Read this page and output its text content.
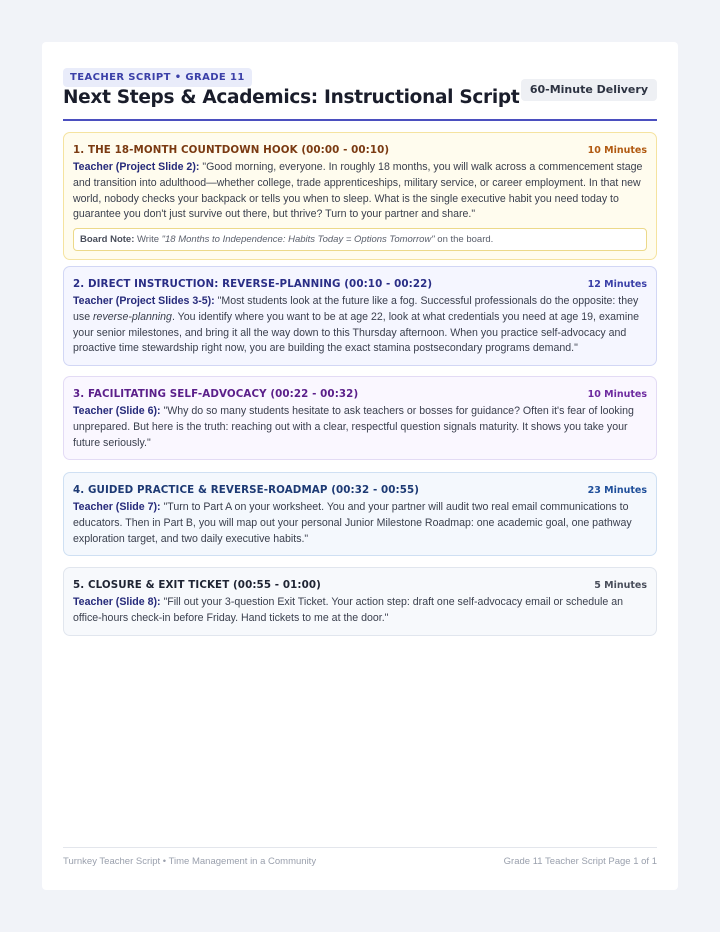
TEACHER SCRIPT • GRADE 11
Next Steps & Academics: Instructional Script 60-Minute Delivery
1. THE 18-MONTH COUNTDOWN HOOK (00:00 - 00:10)	10 Minutes

Teacher (Project Slide 2): "Good morning, everyone. In roughly 18 months, you will walk across a commencement stage and transition into adulthood—whether college, trade apprenticeships, military service, or career employment. In that new world, nobody checks your backpack or tells you when to sleep. What is the single executive habit you need today to guarantee you don't just survive out there, but thrive? Turn to your partner and share."

Board Note: Write "18 Months to Independence: Habits Today = Options Tomorrow" on the board.
2. DIRECT INSTRUCTION: REVERSE-PLANNING (00:10 - 00:22)	12 Minutes

Teacher (Project Slides 3-5): "Most students look at the future like a fog. Successful professionals do the opposite: they use reverse-planning. You identify where you want to be at age 22, look at what credentials you need at age 19, examine your senior milestones, and bring it all the way down to this Thursday afternoon. When you practice self-advocacy and proactive time stewardship right now, you are building the exact stamina postsecondary programs demand."

3. FACILITATING SELF-ADVOCACY (00:22 - 00:32)	10 Minutes

Teacher (Slide 6): "Why do so many students hesitate to ask teachers or bosses for guidance? Often it's fear of looking unprepared. But here is the truth: reaching out with a clear, respectful question signals maturity. It shows you take your future seriously."

4. GUIDED PRACTICE & REVERSE-ROADMAP (00:32 - 00:55)	23 Minutes

Teacher (Slide 7): "Turn to Part A on your worksheet. You and your partner will audit two real email communications to educators. Then in Part B, you will map out your personal Junior Milestone Roadmap: one academic goal, one pathway exploration target, and two daily executive habits."

5. CLOSURE & EXIT TICKET (00:55 - 01:00)	5 Minutes

Teacher (Slide 8): "Fill out your 3-question Exit Ticket. Your action step: draft one self-advocacy email or schedule an office-hours check-in before Friday. Hand tickets to me at the door."

Turnkey Teacher Script • Time Management in a Community	Grade 11 Teacher Script Page 1 of 1
